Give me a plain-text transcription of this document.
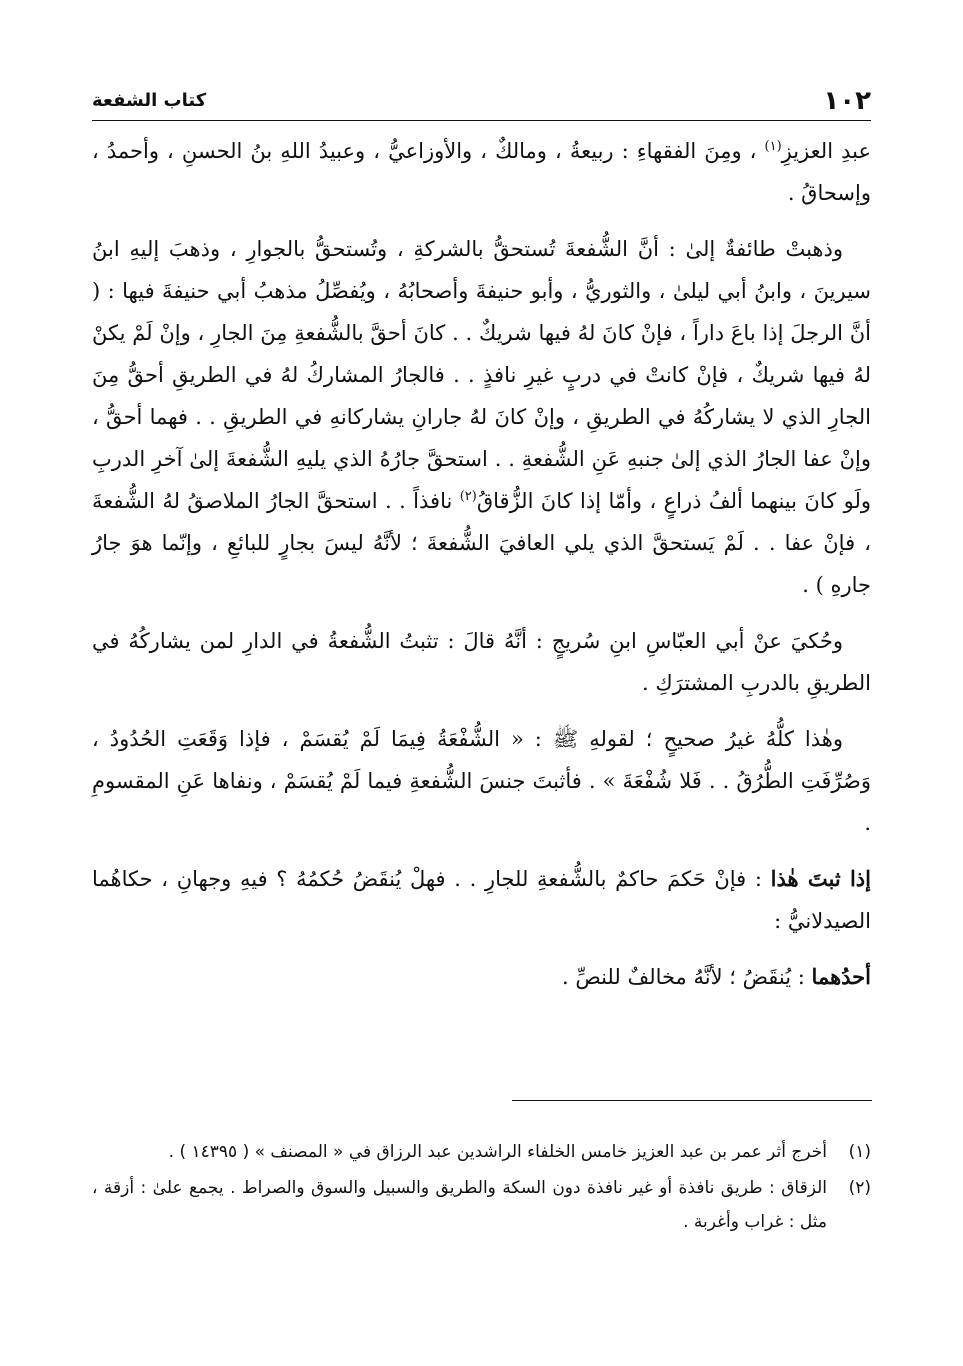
١٠٢
كتاب الشفعة

عبدِ العزيزِ$^{(١)}$ ، ومِنَ الفقهاءِ : ربيعةُ ، ومالكٌ ، والأوزاعيُّ ، وعبيدُ اللهِ بنُ الحسنِ ، وأحمدُ ، وإسحاقُ .

وذهبتْ طائفةٌ إلىٰ : أنَّ الشُّفعةَ تُستحقُّ بالشركةِ ، وتُستحقُّ بالجوارِ ، وذهبَ إليهِ ابنُ سيرينَ ، وابنُ أبي ليلىٰ ، والثوريُّ ، وأبو حنيفةَ وأصحابُهُ ، ويُفصِّلُ مذهبُ أبي حنيفةَ فيها : ( أنَّ الرجلَ إذا باعَ داراً ، فإنْ كانَ لهُ فيها شريكٌ . . كانَ أحقَّ بالشُّفعةِ مِنَ الجارِ ، وإنْ لَمْ يكنْ لهُ فيها شريكٌ ، فإنْ كانتْ في دربٍ غيرِ نافذٍ . . فالجارُ المشاركُ لهُ في الطريقِ أحقُّ مِنَ الجارِ الذي لا يشاركُهُ في الطريقِ ، وإنْ كانَ لهُ جارانِ يشاركانهِ في الطريقِ . . فهما أحقُّ ، وإنْ عفا الجارُ الذي إلىٰ جنبهِ عَنِ الشُّفعةِ . . استحقَّ جارُهُ الذي يليهِ الشُّفعةَ إلىٰ آخرِ الدربِ ولَو كانَ بينهما ألفُ ذراعٍ ، وأمّا إذا كانَ الزُّقاقُ$^{(٢)}$ نافذاً . . استحقَّ الجارُ الملاصقُ لهُ الشُّفعةَ ، فإنْ عفا . . لَمْ يَستحقَّ الذي يلي العافيَ الشُّفعةَ ؛ لأنَّهُ ليسَ بجارٍ للبائعِ ، وإنّما هوَ جارُ جارهِ ) .

وحُكيَ عنْ أبي العبّاسِ ابنِ سُريجٍ : أنَّهُ قالَ : تثبتُ الشُّفعةُ في الدارِ لمن يشاركُهُ في الطريقِ بالدربِ المشترَكِ .

وهٰذا كلُّهُ غيرُ صحيحٍ ؛ لقولهِ ﷺ : « الشُّفْعَةُ فِيمَا لَمْ يُقسَمْ ، فإذا وَقَعَتِ الحُدُودُ ، وَصُرِّفَتِ الطُّرُقُ . . فَلا شُفْعَةَ » . فأثبتَ جنسَ الشُّفعةِ فيما لَمْ يُقسَمْ ، ونفاها عَنِ المقسومِ .

إذا ثبتَ هٰذا : فإنْ حَكمَ حاكمٌ بالشُّفعةِ للجارِ . . فهلْ يُنقَضُ حُكمُهُ ؟ فيهِ وجهانِ ، حكاهُما الصيدلانيُّ :

أحدُهما : يُنقَضُ ؛ لأنَّهُ مخالفٌ للنصِّ .

(١)
أخرج أثر عمر بن عبد العزيز خامس الخلفاء الراشدين عبد الرزاق في « المصنف » ( ١٤٣٩٥ ) .
(٢)
الزقاق : طريق نافذة أو غير نافذة دون السكة والطريق والسبيل والسوق والصراط . يجمع علىٰ : أزقة ، مثل : غراب وأغربة .
